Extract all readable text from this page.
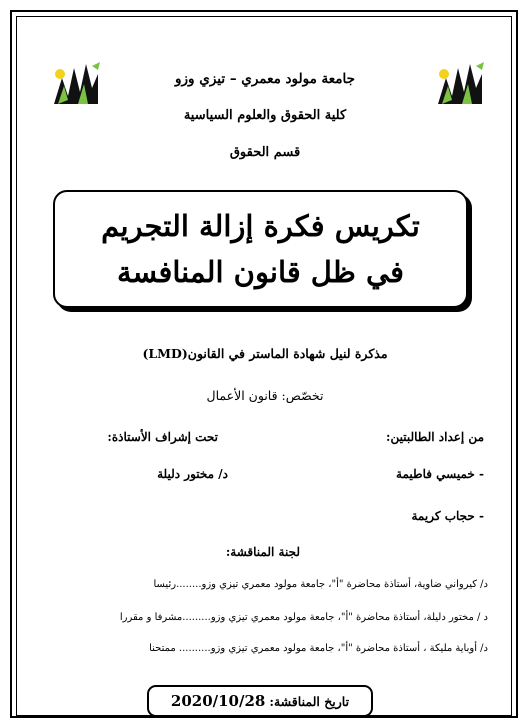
جامعة مولود معمري – تيزي وزو
كلية الحقوق والعلوم السياسية
قسم الحقوق
تكريس فكرة إزالة التجريم
في ظل قانون المنافسة
مذكرة لنيل شهادة الماستر في القانون(LMD)
تخصّص: قانون الأعمال
من إعداد الطالبتين:
تحت إشراف الأستاذة:
- خميسي فاطيمة
د/ مختور دليلة
- حجاب كريمة
لجنة المناقشة:
د/ كيرواني ضاوية، أستاذة محاضرة "أ"، جامعة مولود معمري تيزي وزو........رئيسا
د / مختور دليلة، أستاذة محاضرة "أ"، جامعة مولود معمري تيزي وزو.........مشرفا و مقررا
د/ أوباية مليكة ، أستاذة محاضرة "أ"، جامعة مولود معمري تيزي وزو.......... ممتحنا
تاريخ المناقشة:
2020/10/28
